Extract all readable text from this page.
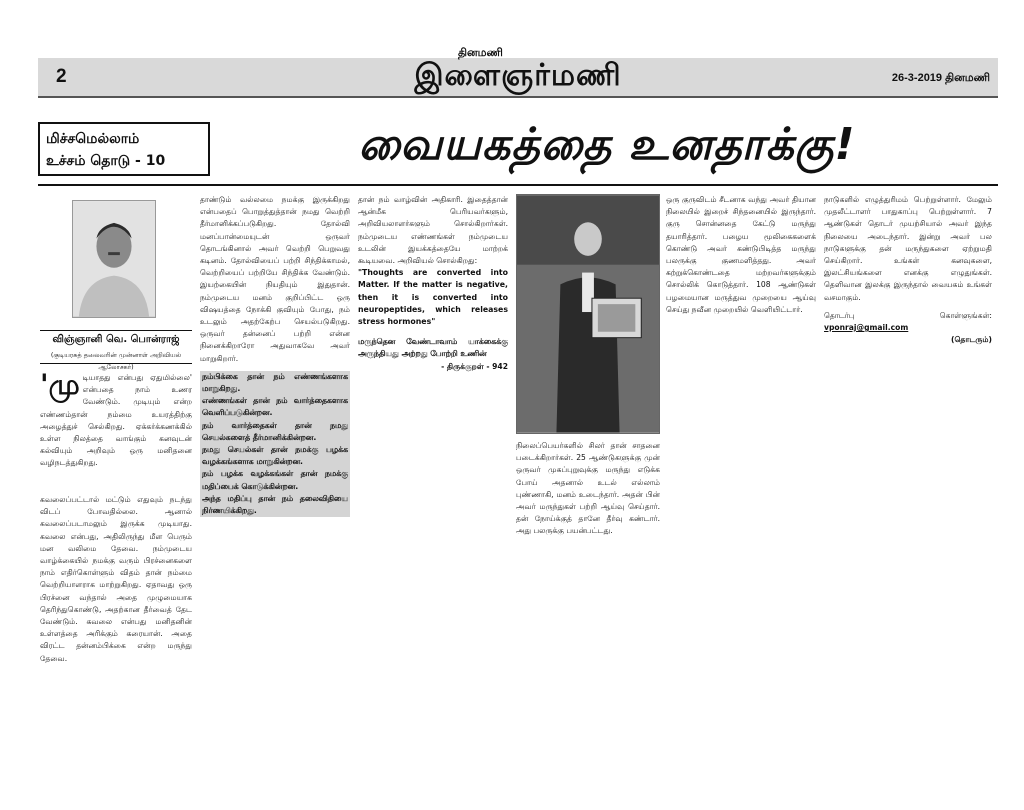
2
தினமணி
இளைஞர்மணி	26-3-2019 தினமணி
மிச்சமெல்லாம்
உச்சம் தொடு - 10	வையகத்தை உனதாக்கு!
விஞ்ஞானி வெ. பொன்ராஜ்
(குடியரசுத் தலைவரின் முன்னாள் அறிவியல் ஆலோசகர்)
'மு டியாதது என்பது ஏதுமில்லை' என்பதை நாம் உணர வேண்டும். முடியும் என்ற எண்ணம்தான் நம்மை உயரத்திற்கு அழைத்துச் செல்கிறது. ஏக்கர்க்கணக்கில் உள்ள நிலத்தை வாங்கும் கனவுடன் கல்வியும் அறிவும் ஒரு மனிதனை வழிநடத்துகிறது.
கவலைப்பட்டால் மட்டும் எதுவும் நடந்து விடப் போவதில்லை. ஆனால் கவலைப்படாமலும் இருக்க முடியாது. கவலை என்பது, அதிலிருந்து மீள பெரும் மன வலிமை தேவை. நம்முடைய வாழ்க்கையில் நமக்கு வரும் பிரச்னைகளை நாம் எதிர்கொள்ளும் விதம் தான் நம்மை வெற்றியாளராக மாற்றுகிறது. ஏதாவது ஒரு பிரச்னை வந்தால் அதை முழுமையாக தெரிந்துகொண்டு, அதற்கான தீர்வைத் தேட வேண்டும். கவலை என்பது மனிதனின் உள்ளத்தை அரிக்கும் கரையான். அதை விரட்ட தன்னம்பிக்கை என்ற மருந்து தேவை.

தாண்டும் வல்லமை நமக்கு இருக்கிறது என்பதைப் பொறுத்துத்தான் நமது வெற்றி தீர்மானிக்கப்படுகிறது. தோல்வி மனப்பான்மையுடன் ஒருவர் தொடங்கினால் அவர் வெற்றி பெறுவது கடினம். தோல்வியைப் பற்றி சிந்திக்காமல், வெற்றியைப் பற்றியே சிந்திக்க வேண்டும். இயற்கையின் நியதியும் இதுதான். நம்முடைய மனம் குறிப்பிட்ட ஒரு விஷயத்தை நோக்கி குவியும் போது, நம் உடலும் அதற்கேற்ப செயல்படுகிறது. ஒருவர் தன்னைப் பற்றி என்ன நினைக்கிறாரோ அதுவாகவே அவர் மாறுகிறார்.

நம்பிக்கை தான் நம் எண்ணங்களாக மாறுகிறது.
எண்ணங்கள் தான் நம் வார்த்தைகளாக வெளிப்படுகின்றன.
நம் வார்த்தைகள் தான் நமது செயல்களைத் தீர்மானிக்கின்றன.
நமது செயல்கள் தான் நமக்கு பழக்க வழக்கங்களாக மாறுகின்றன.
நம் பழக்க வழக்கங்கள் தான் நமக்கு மதிப்பைக் கொடுக்கின்றன.
அந்த மதிப்பு தான் நம் தலைவிதியை நிர்ணயிக்கிறது.

தான் நம் வாழ்வின் அதிகாரி. இதைத்தான் ஆன்மீக பெரியவர்களும், அறிவியலாளர்களும் சொல்கிறார்கள். நம்முடைய எண்ணங்கள் நம்முடைய உடலின் இயக்கத்தையே மாற்றக் கூடியவை. அறிவியல் சொல்கிறது:

"Thoughts are converted into Matter. If the matter is negative, then it is converted into neuropeptides, which releases stress hormones"

மருந்தென வேண்டாவாம் யாக்கைக்கு அருந்தியது அற்றது போற்றி உணின்

- திருக்குறள் - 942

நிலைப்பெயர்களில் சிலர் தான் சாதனை படைக்கிறார்கள். 25 ஆண்டுகளுக்கு முன் ஒருவர் முகப்புறுவுக்கு மருந்து எடுக்க போய் அதனால் உடல் எல்லாம் புண்ணாகி, மனம் உடைந்தார். அதன் பின் அவர் மருந்துகள் பற்றி ஆய்வு செய்தார். தன் நோய்க்குத் தானே தீர்வு கண்டார். அது பலருக்கு பயன்பட்டது.
ஒரு குருவிடம் சீடனாக வந்து அவர் தியான நிலையில் இறைச் சிந்தனையில் இருந்தார். குரு சொன்னதை கேட்டு மருந்து தயாரித்தார். பழைய மூலிகைகளைக் கொண்டு அவர் கண்டுபிடித்த மருந்து பலருக்கு குணமளித்தது. அவர் கற்றுக்கொண்டதை மற்றவர்களுக்கும் சொல்லிக் கொடுத்தார். 108 ஆண்டுகள் பழமையான மருத்துவ முறையை ஆய்வு செய்து நவீன முறையில் வெளியிட்டார்.

நாடுகளில் எழுத்துரிமம் பெற்றுள்ளார். மேலும் முதலீட்டாளர் பாதுகாப்பு பெற்றுள்ளார். 7 ஆண்டுகள் தொடர் முயற்சியால் அவர் இந்த நிலையை அடைந்தார். இன்று அவர் பல நாடுகளுக்கு தன் மருந்துகளை ஏற்றுமதி செய்கிறார். உங்கள் கனவுகளை, இலட்சியங்களை எனக்கு எழுதுங்கள். தெளிவான இலக்கு இருந்தால் வையகம் உங்கள் வசமாகும்.

தொடர்பு கொள்ளுங்கள்: vponraj@gmail.com

(தொடரும்)
